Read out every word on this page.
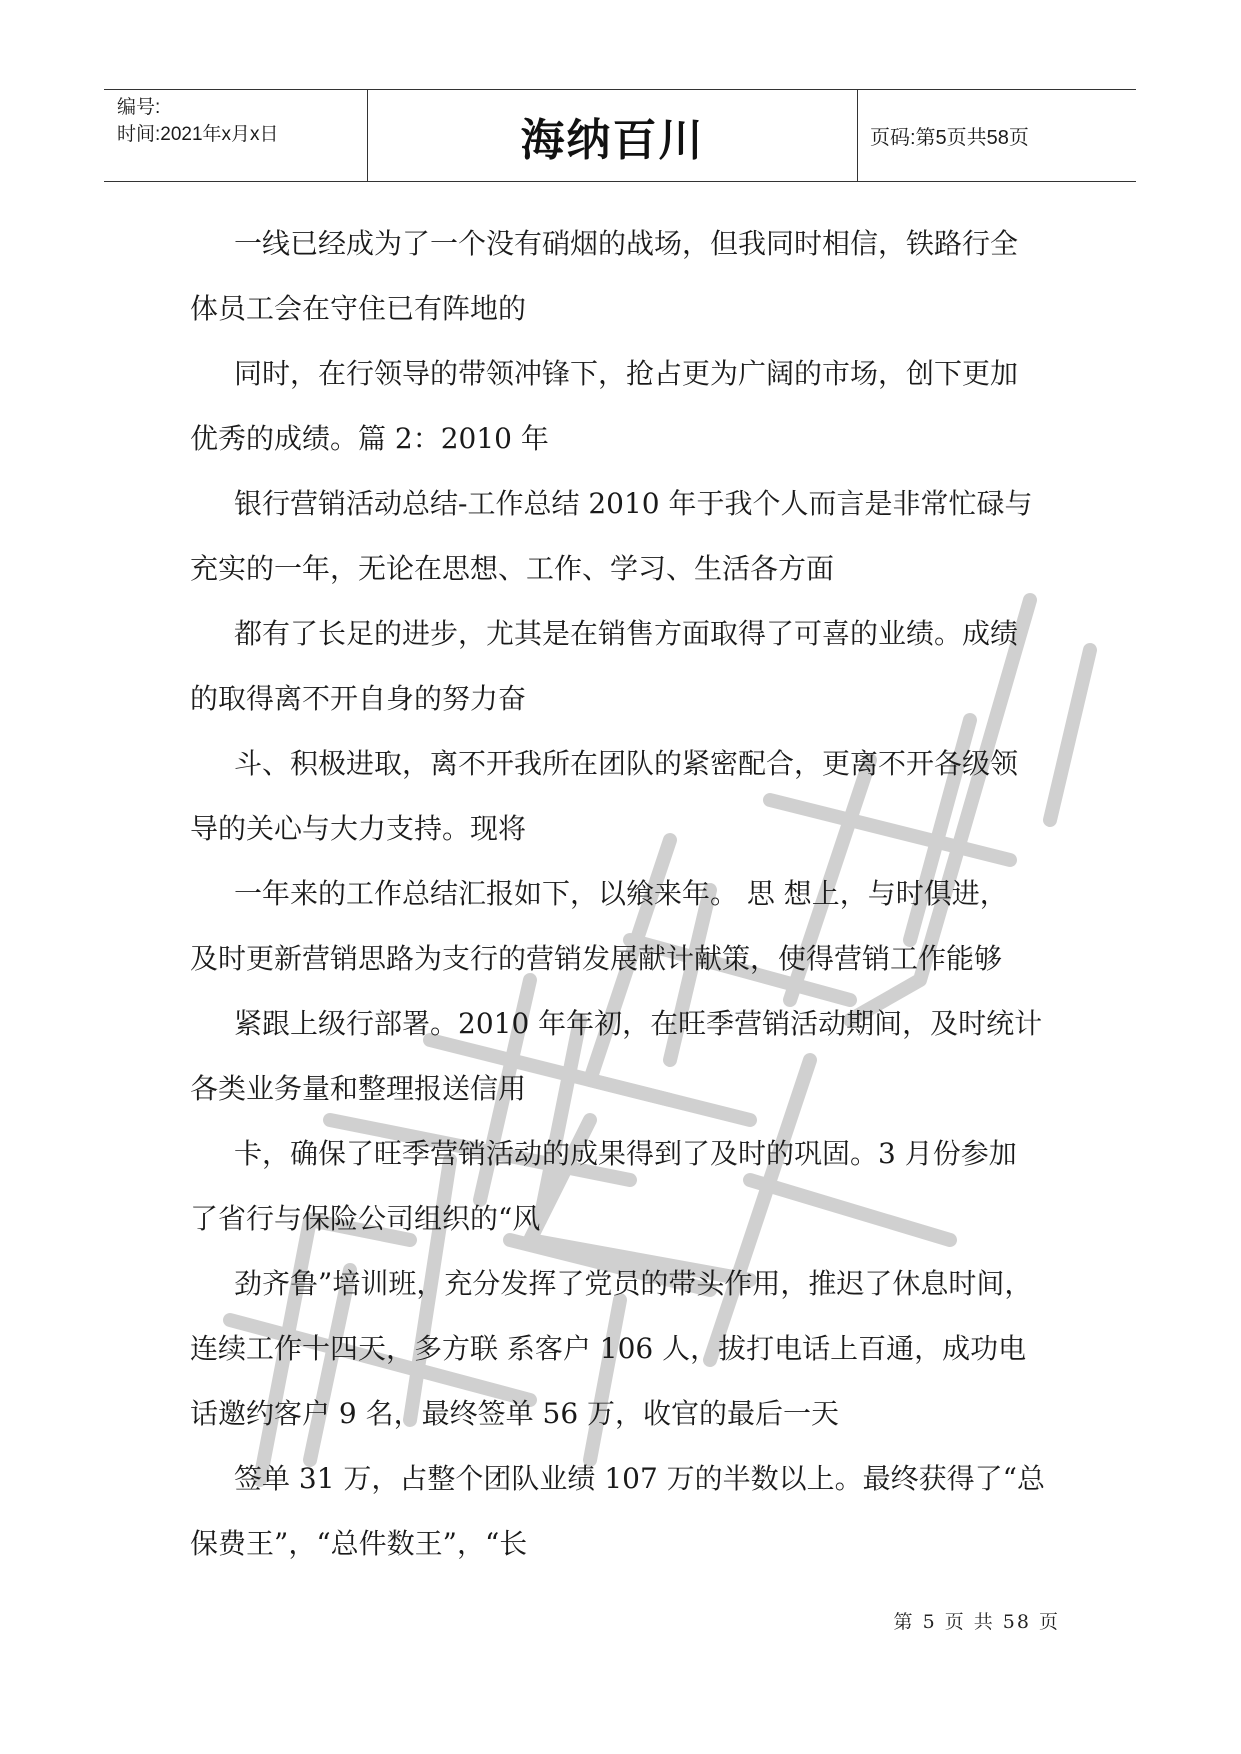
编号:
时间:2021年x月x日	海纳百川	页码:第5页共58页

一线已经成为了一个没有硝烟的战场，但我同时相信，铁路行全
体员工会在守住已有阵地的

同时，在行领导的带领冲锋下，抢占更为广阔的市场，创下更加
优秀的成绩。篇 2：2010 年

银行营销活动总结-工作总结 2010 年于我个人而言是非常忙碌与
充实的一年，无论在思想、工作、学习、生活各方面

都有了长足的进步，尤其是在销售方面取得了可喜的业绩。成绩
的取得离不开自身的努力奋

斗、积极进取，离不开我所在团队的紧密配合，更离不开各级领
导的关心与大力支持。现将

一年来的工作总结汇报如下，以飨来年。 思 想上，与时俱进，
及时更新营销思路为支行的营销发展献计献策，使得营销工作能够

紧跟上级行部署。2010 年年初，在旺季营销活动期间，及时统计
各类业务量和整理报送信用

卡，确保了旺季营销活动的成果得到了及时的巩固。3 月份参加
了省行与保险公司组织的“风

劲齐鲁”培训班，充分发挥了党员的带头作用，推迟了休息时间，
连续工作十四天，多方联 系客户 106 人，拔打电话上百通，成功电
话邀约客户 9 名，最终签单 56 万，收官的最后一天

签单 31 万，占整个团队业绩 107 万的半数以上。最终获得了“总
保费王”，“总件数王”，“长

第 5 页 共 58 页
